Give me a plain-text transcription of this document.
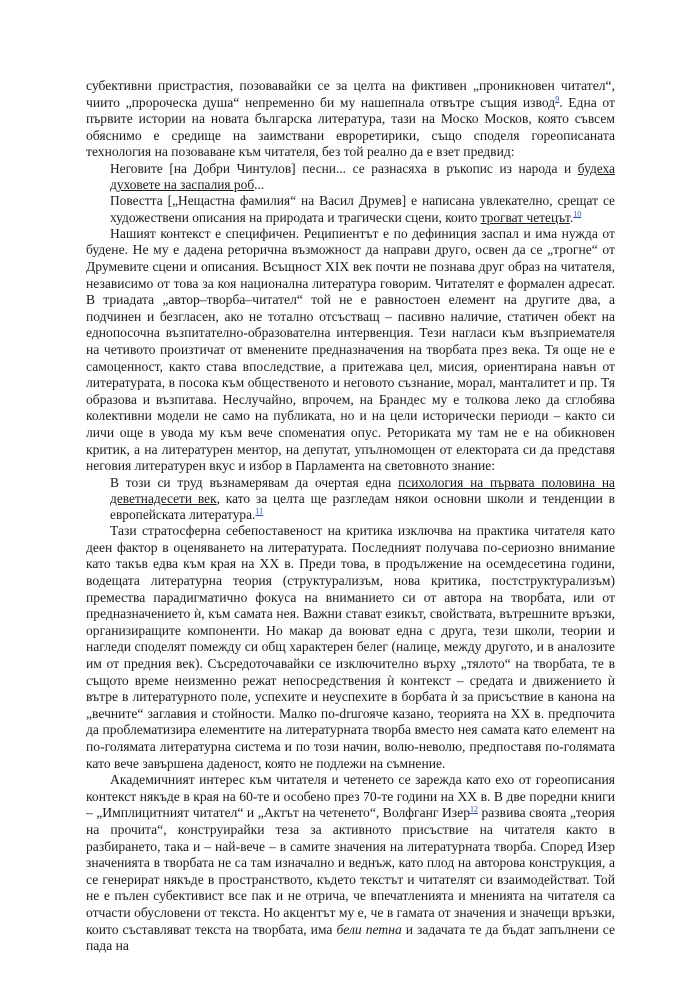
субективни пристрастия, позовавайки се за целта на фиктивен „проникновен читател“, чиито „пророческа душа“ непременно би му нашепнала отвътре същия извод$^9$. Една от първите истории на новата българска литература, тази на Моско Москов, която съвсем обяснимо е средище на заимствани евроретирики, също споделя гореописаната технология на позоваване към читателя, без той реално да е взет предвид:

Неговите [на Добри Чинтулов] песни... се разнасяха в ръкопис из народа и будеха духовете на заспалия роб...

Повестта [„Нещастна фамилия“ на Васил Друмев] е написана увлекателно, срещат се художествени описания на природата и трагически сцени, които трогват четецът.$^{10}$

Нашият контекст е специфичен. Реципиентът е по дефиниция заспал и има нужда от будене. Не му е дадена реторична възможност да направи друго, освен да се „трогне“ от Друмевите сцени и описания. Всъщност XIX век почти не познава друг образ на читателя, независимо от това за коя национална литература говорим. Читателят е формален адресат. В триадата „автор–творба–читател“ той не е равностоен елемент на другите два, а подчинен и безгласен, ако не тотално отсъстващ – пасивно наличие, статичен обект на еднопосочна възпитателно-образователна интервенция. Тези нагласи към възприемателя на четивото произтичат от вменените предназначения на творбата през века. Тя още не е самоценност, както става впоследствие, а притежава цел, мисия, ориентирана навън от литературата, в посока към общественото и неговото съзнание, морал, манталитет и пр. Тя образова и възпитава. Неслучайно, впрочем, на Брандес му е толкова леко да сглобява колективни модели не само на публиката, но и на цели исторически периоди – както си личи още в увода му към вече споменатия опус. Реториката му там не е на обикновен критик, а на литературен ментор, на депутат, упълномощен от електората си да представя неговия литературен вкус и избор в Парламента на световното знание:

В този си труд възнамерявам да очертая една психология на първата половина на деветнадесети век, като за целта ще разгледам някои основни школи и тенденции в европейската литература.$^{11}$

Тази стратосферна себепоставеност на критика изключва на практика читателя като деен фактор в оценяването на литературата. Последният получава по-сериозно внимание като такъв едва към края на XX в. Преди това, в продължение на осемдесетина години, водещата литературна теория (структурализъм, нова критика, постструктурализъм) премества парадигматично фокуса на вниманието си от автора на творбата, или от предназначението ѝ, към самата нея. Важни стават езикът, свойствата, вътрешните връзки, организиращите компоненти. Но макар да воюват една с друга, тези школи, теории и нагледи споделят помежду си общ характерен белег (налице, между другото, и в аналозите им от предния век). Съсредоточавайки се изключително върху „тялото“ на творбата, те в същото време неизменно режат непосредствения ѝ контекст – средата и движението ѝ вътре в литературното поле, успехите и неуспехите в борбата ѝ за присъствие в канона на „вечните“ заглавия и стойности. Малко по-druгояче казано, теорията на XX в. предпочита да проблематизира елементите на литературната творба вместо нея самата като елемент на по-голямата литературна система и по този начин, волю-неволю, предпоставя по-голямата като вече завършена даденост, която не подлежи на съмнение.

Академичният интерес към читателя и четенето се зарежда като ехо от гореописания контекст някъде в края на 60-те и особено през 70-те години на XX в. В две поредни книги – „Имплицитният читател“ и „Актът на четенето“, Волфганг Изер$^{12}$ развива своята „теория на прочита“, конструирайки теза за активното присъствие на читателя както в разбирането, така и – най-вече – в самите значения на литературната творба. Според Изер значенията в творбата не са там изначално и веднъж, като плод на авторова конструкция, а се генерират някъде в пространството, където текстът и читателят си взаимодействат. Той не е пълен субективист все пак и не отрича, че впечатленията и мненията на читателя са отчасти обусловени от текста. Но акцентът му е, че в гамата от значения и значещи връзки, които съставляват текста на творбата, има бели петна и задачата те да бъдат запълнени се пада на
